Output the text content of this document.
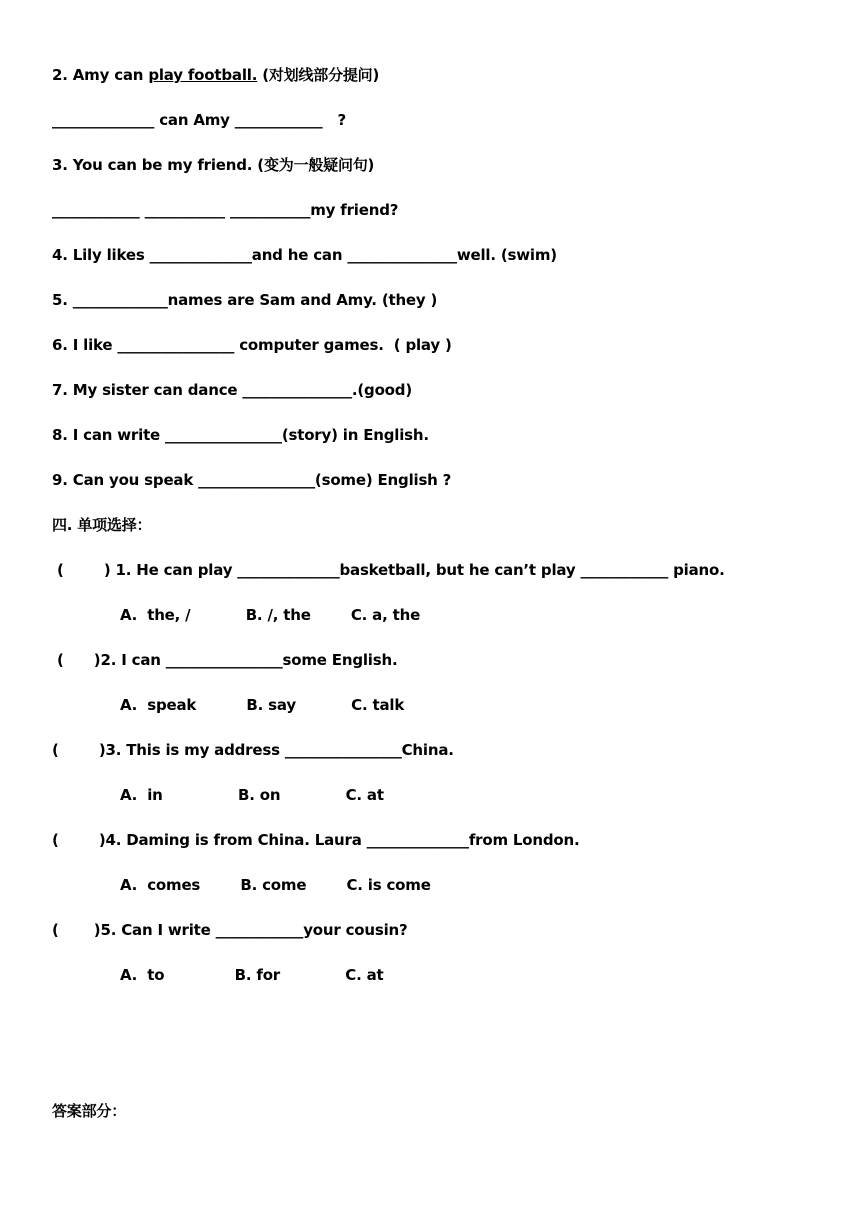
2. Amy can play football. (对划线部分提问)
______________ can Amy ____________   ?
3. You can be my friend. (变为一般疑问句)
____________ ___________ ___________my friend?
4. Lily likes ______________and he can _______________well. (swim)
5. _____________names are Sam and Amy. (they )
6. I like ________________ computer games.  ( play )
7. My sister can dance _______________.(good)
8. I can write ________________(story) in English.
9. Can you speak ________________(some) English ?
四. 单项选择：
(        ) 1. He can play ______________basketball, but he can’t play ____________ piano.
A.  the, /           B. /, the        C. a, the
(      )2. I can ________________some English.
A.  speak          B. say           C. talk
(        )3. This is my address ________________China.
A.  in               B. on             C. at
(        )4. Daming is from China. Laura ______________from London.
A.  comes        B. come        C. is come
(       )5. Can I write ____________your cousin?
A.  to              B. for             C. at
答案部分：
